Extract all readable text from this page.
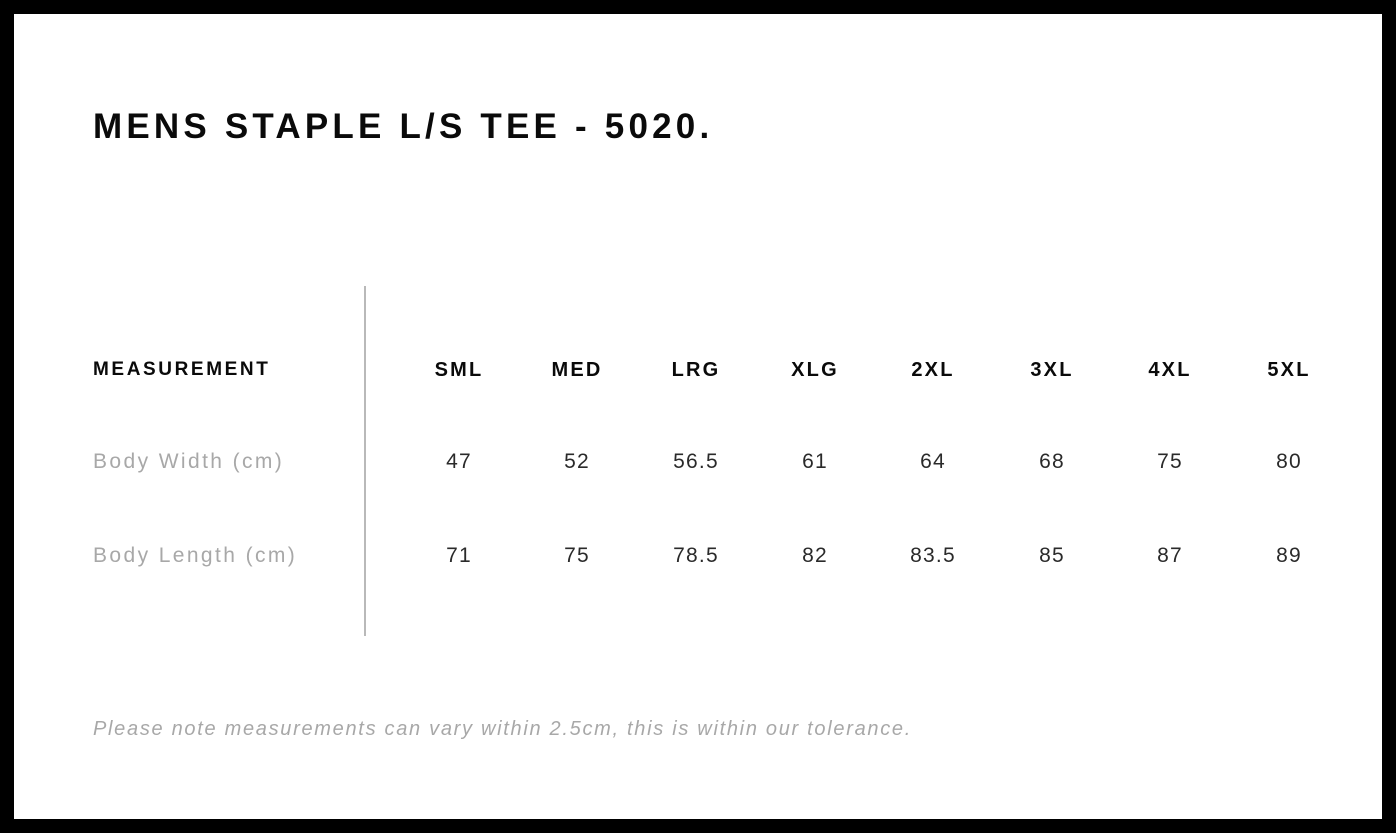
MENS STAPLE L/S TEE - 5020.
MEASUREMENT	SML	MED	LRG	XLG	2XL	3XL	4XL	5XL
Body Width (cm)	47	52	56.5	61	64	68	75	80
Body Length (cm)	71	75	78.5	82	83.5	85	87	89
Please note measurements can vary within 2.5cm, this is within our tolerance.
